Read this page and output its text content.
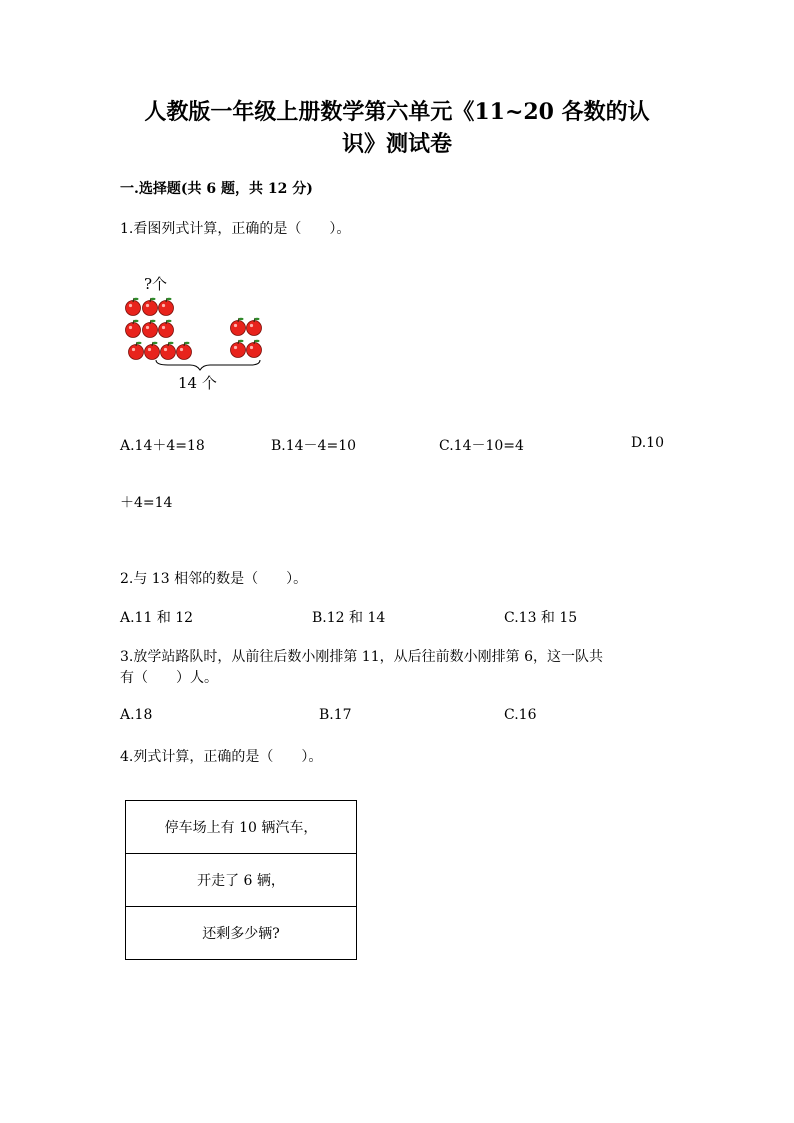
人教版一年级上册数学第六单元《11~20 各数的认
识》测试卷
一.选择题(共 6 题，共 12 分)
1.看图列式计算，正确的是（　　）。
?个
14 个
A.14＋4=18	B.14－4=10	C.14－10=4	D.10
＋4=14
2.与 13 相邻的数是（　　）。
A.11 和 12	B.12 和 14	C.13 和 15
3.放学站路队时，从前往后数小刚排第 11，从后往前数小刚排第 6，这一队共
有（　　）人。
A.18	B.17	C.16
4.列式计算，正确的是（　　）。
停车场上有 10 辆汽车，
开走了 6 辆，
还剩多少辆?
